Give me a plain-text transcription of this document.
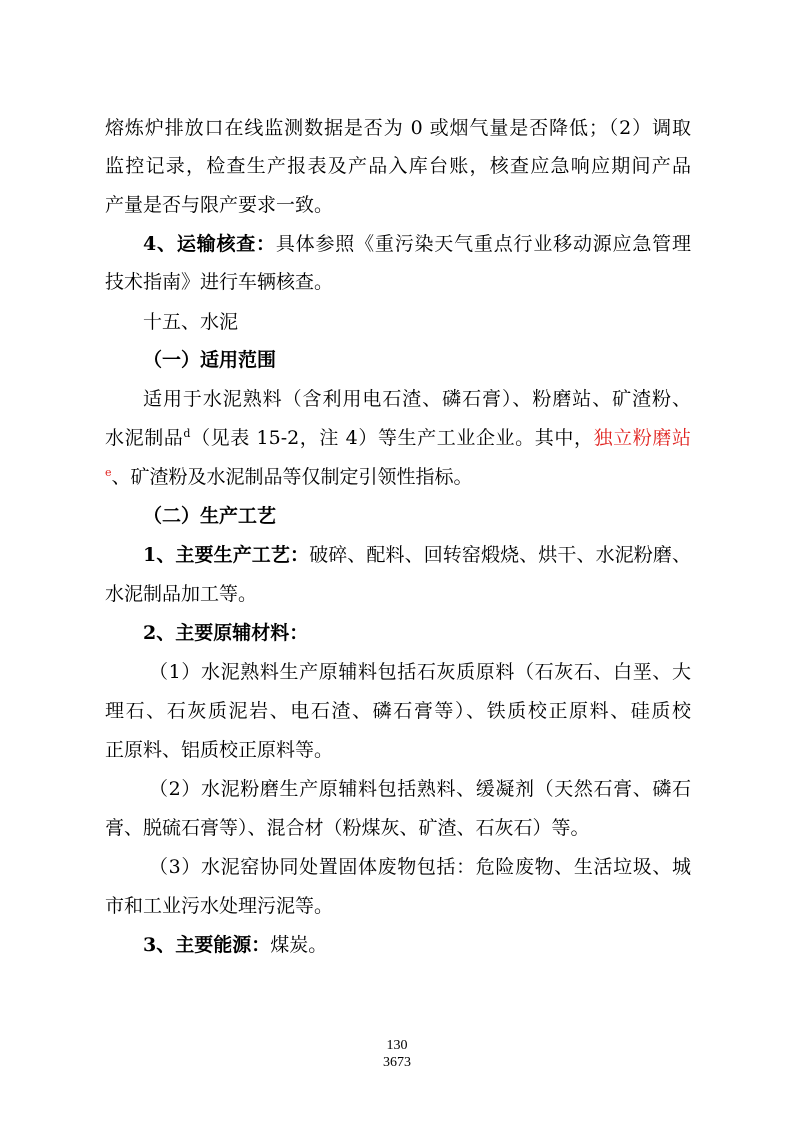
熔炼炉排放口在线监测数据是否为 0 或烟气量是否降低；（2）调取
监控记录，检查生产报表及产品入库台账，核查应急响应期间产品
产量是否与限产要求一致。
4、运输核查：具体参照《重污染天气重点行业移动源应急管理
技术指南》进行车辆核查。
十五、水泥
（一）适用范围
适用于水泥熟料（含利用电石渣、磷石膏）、粉磨站、矿渣粉、
水泥制品$^d$（见表 15-2，注 4）等生产工业企业。其中，独立粉磨站
$^e$、矿渣粉及水泥制品等仅制定引领性指标。
（二）生产工艺
1、主要生产工艺：破碎、配料、回转窑煅烧、烘干、水泥粉磨、
水泥制品加工等。
2、主要原辅材料：
（1）水泥熟料生产原辅料包括石灰质原料（石灰石、白垩、大
理石、石灰质泥岩、电石渣、磷石膏等）、铁质校正原料、硅质校
正原料、铝质校正原料等。
（2）水泥粉磨生产原辅料包括熟料、缓凝剂（天然石膏、磷石
膏、脱硫石膏等）、混合材（粉煤灰、矿渣、石灰石）等。
（3）水泥窑协同处置固体废物包括：危险废物、生活垃圾、城
市和工业污水处理污泥等。
3、主要能源：煤炭。
130
3673
